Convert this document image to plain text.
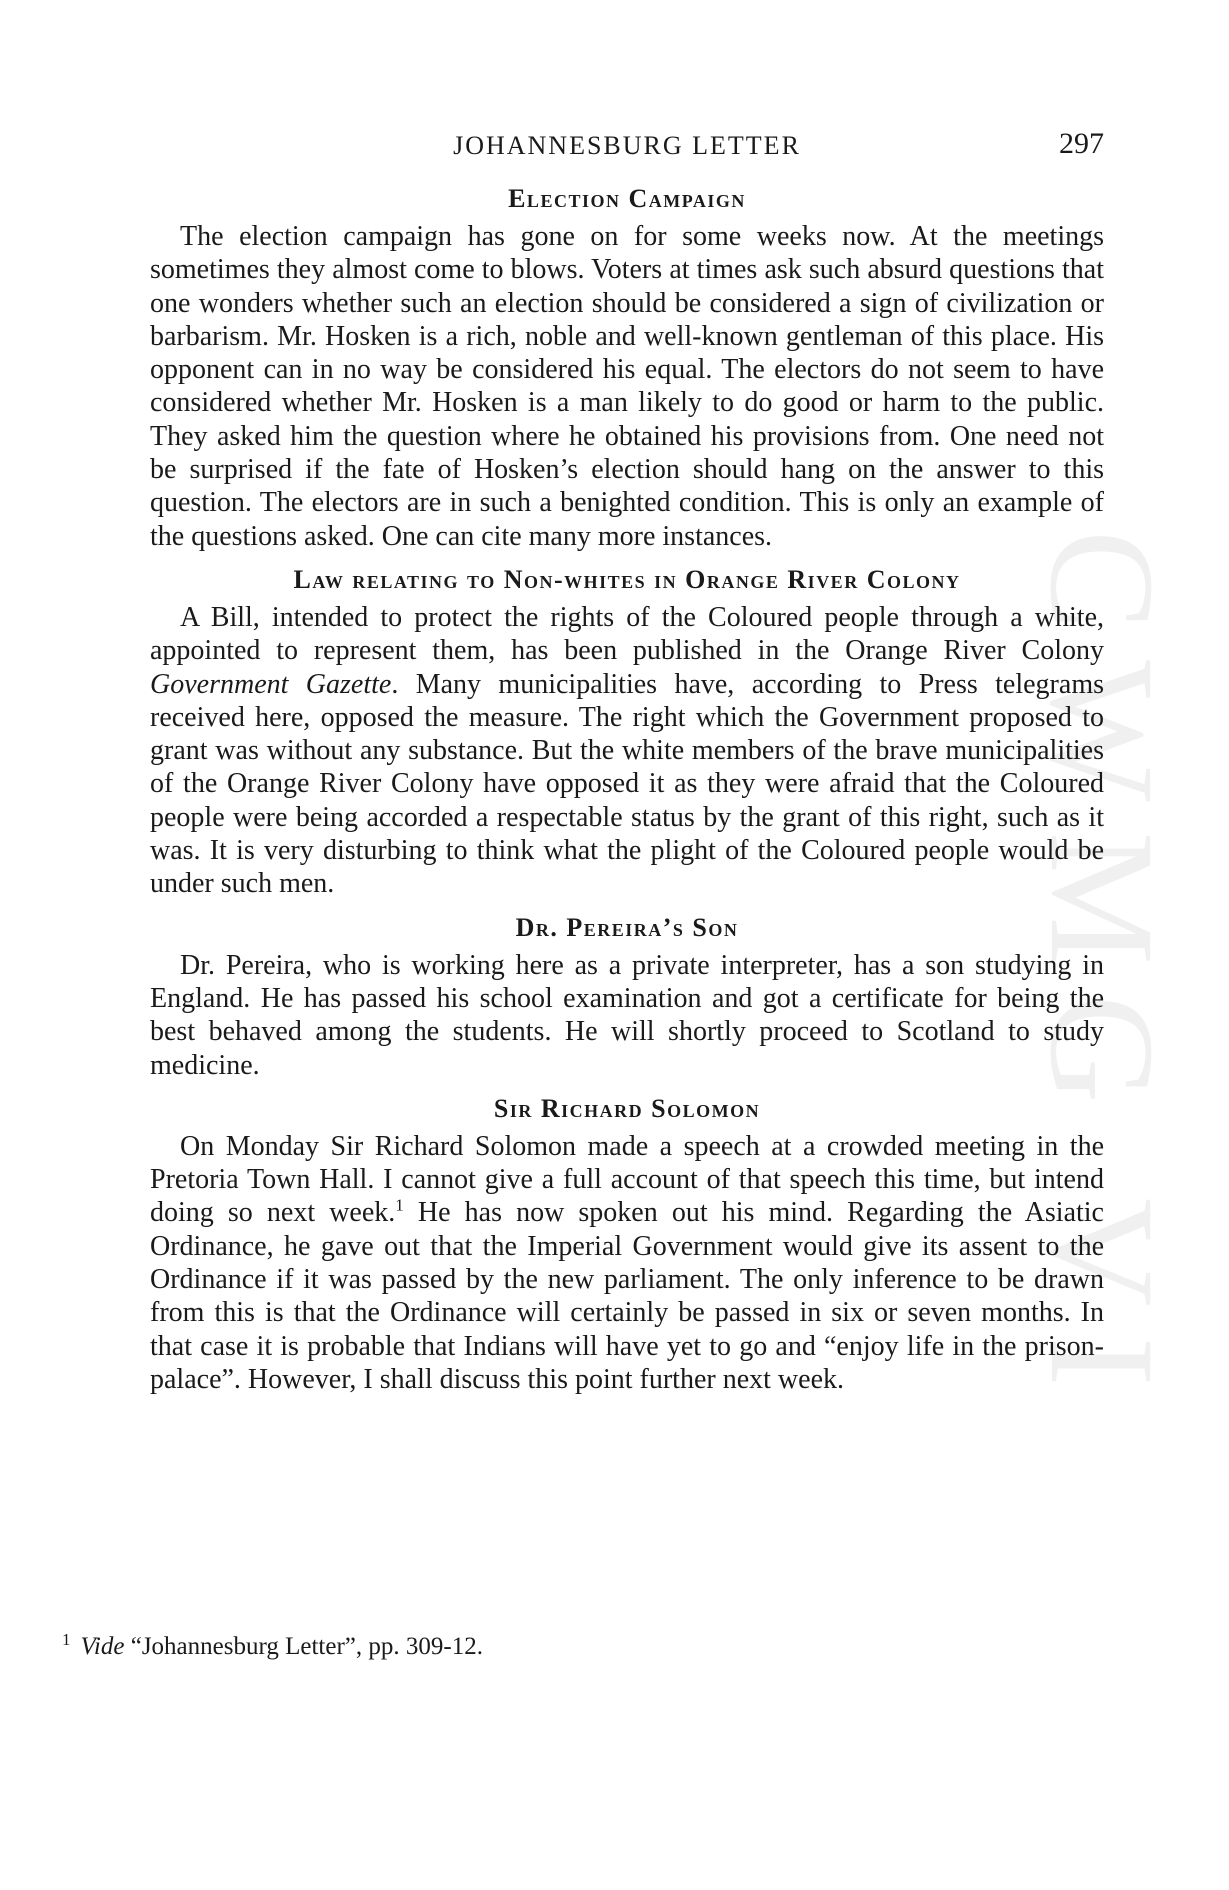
CWMG VI
JOHANNESBURG LETTER	297
Election Campaign

The election campaign has gone on for some weeks now. At the meetings sometimes they almost come to blows. Voters at times ask such absurd questions that one wonders whether such an election should be considered a sign of civilization or barbarism. Mr. Hosken is a rich, noble and well-known gentleman of this place. His opponent can in no way be considered his equal. The electors do not seem to have considered whether Mr. Hosken is a man likely to do good or harm to the public. They asked him the question where he obtained his provisions from. One need not be surprised if the fate of Hosken’s election should hang on the answer to this question. The electors are in such a benighted condition. This is only an example of the questions asked. One can cite many more instances.

Law relating to Non-whites in Orange River Colony

A Bill, intended to protect the rights of the Coloured people through a white, appointed to represent them, has been published in the Orange River Colony Government Gazette. Many municipalities have, according to Press telegrams received here, opposed the measure. The right which the Government proposed to grant was without any substance. But the white members of the brave municipalities of the Orange River Colony have opposed it as they were afraid that the Coloured people were being accorded a respectable status by the grant of this right, such as it was. It is very disturbing to think what the plight of the Coloured people would be under such men.

Dr. Pereira’s Son

Dr. Pereira, who is working here as a private interpreter, has a son studying in England. He has passed his school examination and got a certificate for being the best behaved among the students. He will shortly proceed to Scotland to study medicine.

Sir Richard Solomon

On Monday Sir Richard Solomon made a speech at a crowded meeting in the Pretoria Town Hall. I cannot give a full account of that speech this time, but intend doing so next week.$^1$ He has now spoken out his mind. Regarding the Asiatic Ordinance, he gave out that the Imperial Government would give its assent to the Ordinance if it was passed by the new parliament. The only inference to be drawn from this is that the Ordinance will certainly be passed in six or seven months. In that case it is probable that Indians will have yet to go and “enjoy life in the prison-palace”. However, I shall discuss this point further next week.

$^1$ Vide “Johannesburg Letter”, pp. 309-12.
